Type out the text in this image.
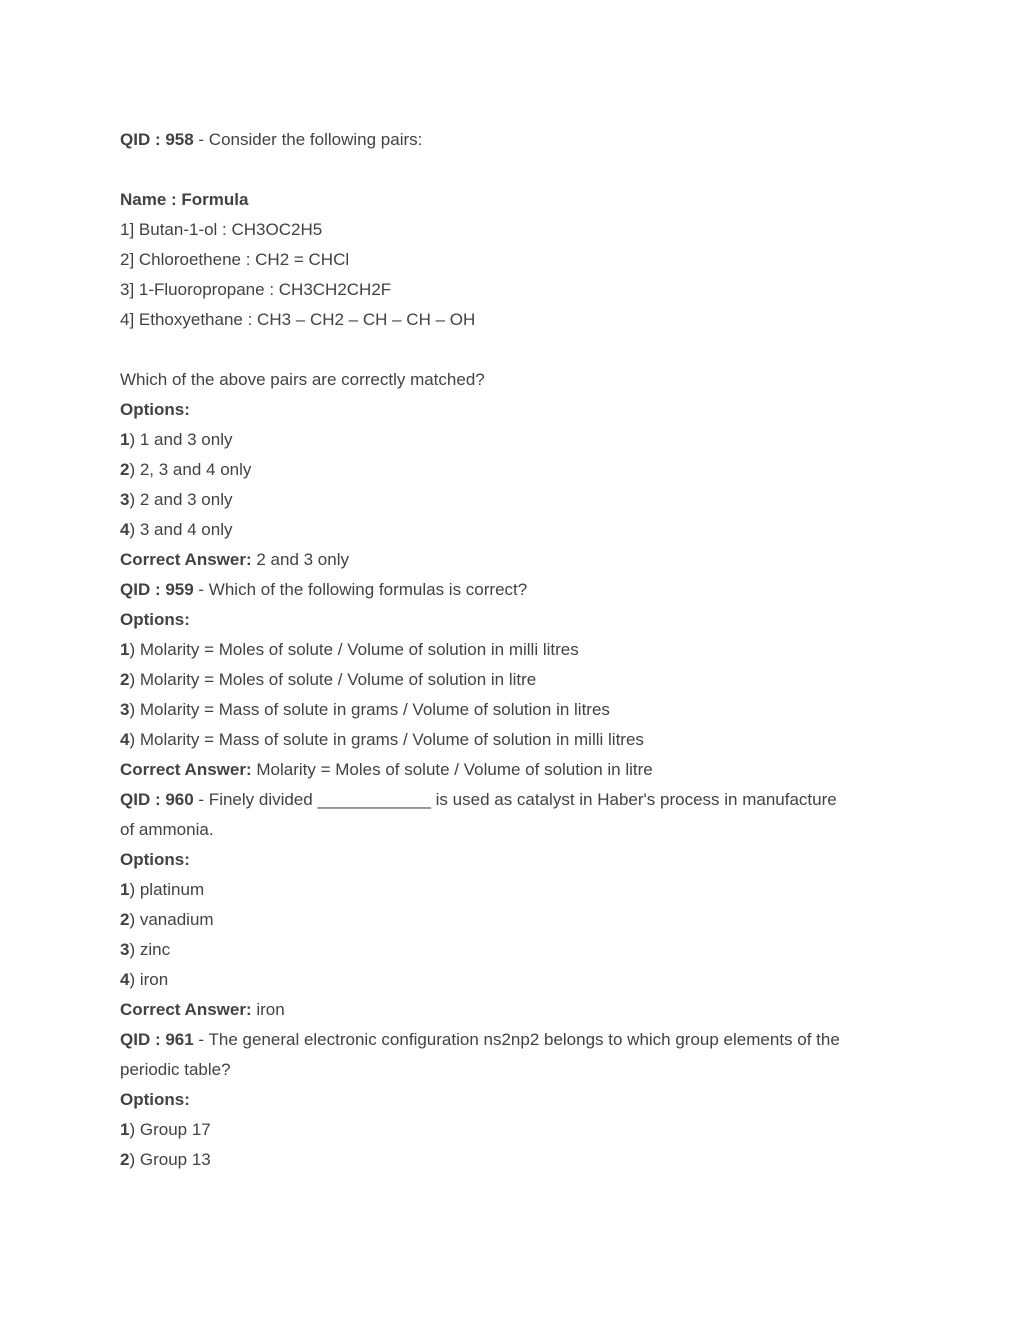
QID : 958 - Consider the following pairs:

Name : Formula

1] Butan-1-ol : CH3OC2H5

2] Chloroethene : CH2 = CHCl

3] 1-Fluoropropane : CH3CH2CH2F

4] Ethoxyethane : CH3 – CH2 – CH – CH – OH

Which of the above pairs are correctly matched?

Options:

1) 1 and 3 only

2) 2, 3 and 4 only

3) 2 and 3 only

4) 3 and 4 only

Correct Answer: 2 and 3 only

QID : 959 - Which of the following formulas is correct?

Options:

1) Molarity = Moles of solute / Volume of solution in milli litres

2) Molarity = Moles of solute / Volume of solution in litre

3) Molarity = Mass of solute in grams / Volume of solution in litres

4) Molarity = Mass of solute in grams / Volume of solution in milli litres

Correct Answer: Molarity = Moles of solute / Volume of solution in litre

QID : 960 - Finely divided ____________ is used as catalyst in Haber's process in manufacture

of ammonia.

Options:

1) platinum

2) vanadium

3) zinc

4) iron

Correct Answer: iron

QID : 961 - The general electronic configuration ns2np2 belongs to which group elements of the

periodic table?

Options:

1) Group 17

2) Group 13
